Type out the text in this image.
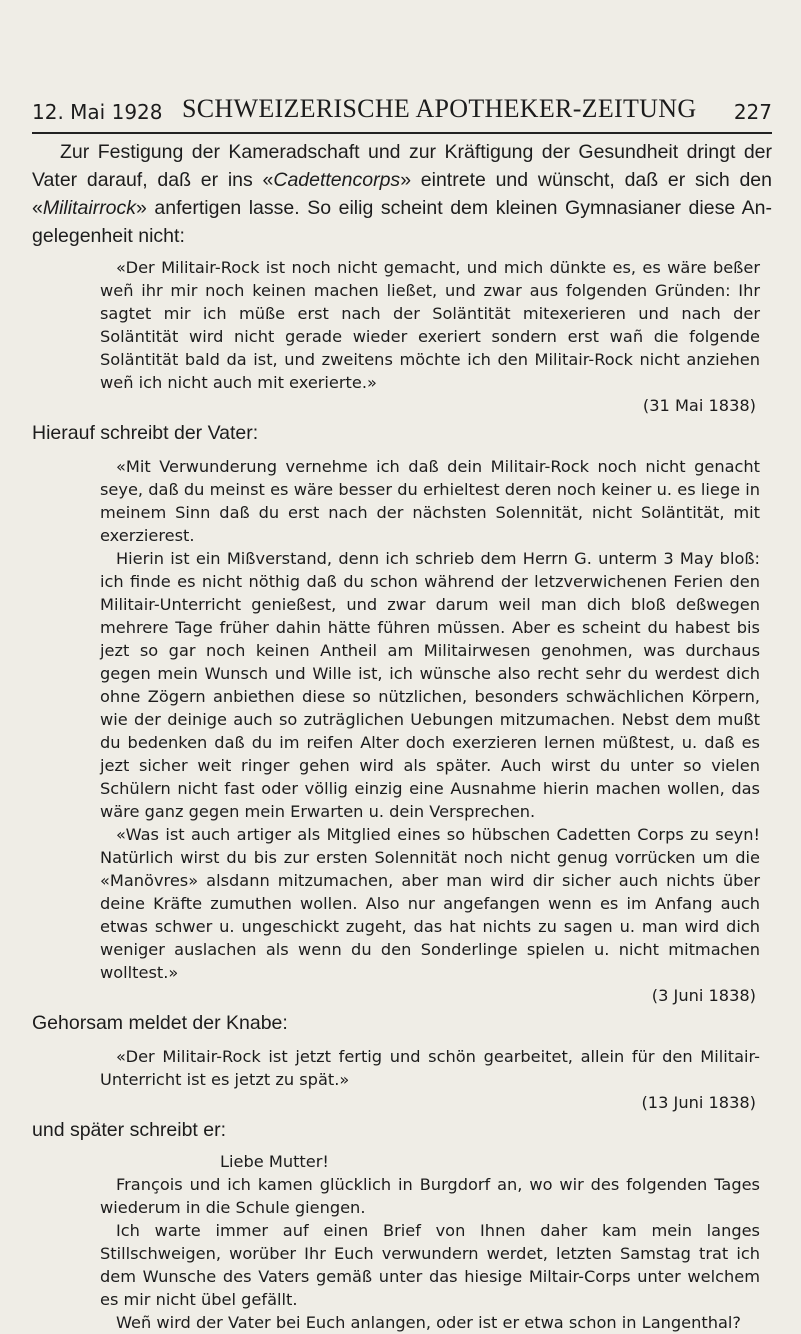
12. Mai 1928 SCHWEIZERISCHE APOTHEKER-ZEITUNG 227

Zur Festigung der Kameradschaft und zur Kräftigung der Gesundheit dringt der Vater darauf, daß er ins «Cadettencorps» eintrete und wünscht, daß er sich den «Militairrock» anfertigen lasse. So eilig scheint dem kleinen Gymnasianer diese An-gelegenheit nicht:

«Der Militair-Rock ist noch nicht gemacht, und mich dünkte es, es wäre beßer weñ ihr mir noch keinen machen ließet, und zwar aus folgenden Gründen: Ihr sagtet mir ich müße erst nach der Soläntität mitexerieren und nach der Soläntität wird nicht gerade wieder exeriert sondern erst wañ die folgende Soläntität bald da ist, und zweitens möchte ich den Militair-Rock nicht anziehen weñ ich nicht auch mit exerierte.»

(31 Mai 1838)

Hierauf schreibt der Vater:

«Mit Verwunderung vernehme ich daß dein Militair-Rock noch nicht genacht seye, daß du meinst es wäre besser du erhieltest deren noch keiner u. es liege in meinem Sinn daß du erst nach der nächsten Solennität, nicht Soläntität, mit exerzierest.

Hierin ist ein Mißverstand, denn ich schrieb dem Herrn G. unterm 3 May bloß: ich finde es nicht nöthig daß du schon während der letzverwichenen Ferien den Militair-Unterricht genießest, und zwar darum weil man dich bloß deßwegen mehrere Tage früher dahin hätte führen müssen. Aber es scheint du habest bis jezt so gar noch keinen Antheil am Militairwesen genohmen, was durchaus gegen mein Wunsch und Wille ist, ich wünsche also recht sehr du werdest dich ohne Zögern anbiethen diese so nützlichen, besonders schwächlichen Körpern, wie der deinige auch so zuträglichen Uebungen mitzumachen. Nebst dem mußt du bedenken daß du im reifen Alter doch exerzieren lernen müßtest, u. daß es jezt sicher weit ringer gehen wird als später. Auch wirst du unter so vielen Schülern nicht fast oder völlig einzig eine Ausnahme hierin machen wollen, das wäre ganz gegen mein Erwarten u. dein Versprechen.

«Was ist auch artiger als Mitglied eines so hübschen Cadetten Corps zu seyn! Natürlich wirst du bis zur ersten Solennität noch nicht genug vorrücken um die «Manövres» alsdann mitzumachen, aber man wird dir sicher auch nichts über deine Kräfte zumuthen wollen. Also nur angefangen wenn es im Anfang auch etwas schwer u. ungeschickt zugeht, das hat nichts zu sagen u. man wird dich weniger auslachen als wenn du den Sonderlinge spielen u. nicht mitmachen wolltest.»

(3 Juni 1838)

Gehorsam meldet der Knabe:

«Der Militair-Rock ist jetzt fertig und schön gearbeitet, allein für den Militair-Unterricht ist es jetzt zu spät.»

(13 Juni 1838)

und später schreibt er:

Liebe Mutter!

François und ich kamen glücklich in Burgdorf an, wo wir des folgenden Tages wiederum in die Schule giengen.

Ich warte immer auf einen Brief von Ihnen daher kam mein langes Stillschweigen, worüber Ihr Euch verwundern werdet, letzten Samstag trat ich dem Wunsche des Vaters gemäß unter das hiesige Miltair-Corps unter welchem es mir nicht übel gefällt.

Weñ wird der Vater bei Euch anlangen, oder ist er etwa schon in Langenthal?
